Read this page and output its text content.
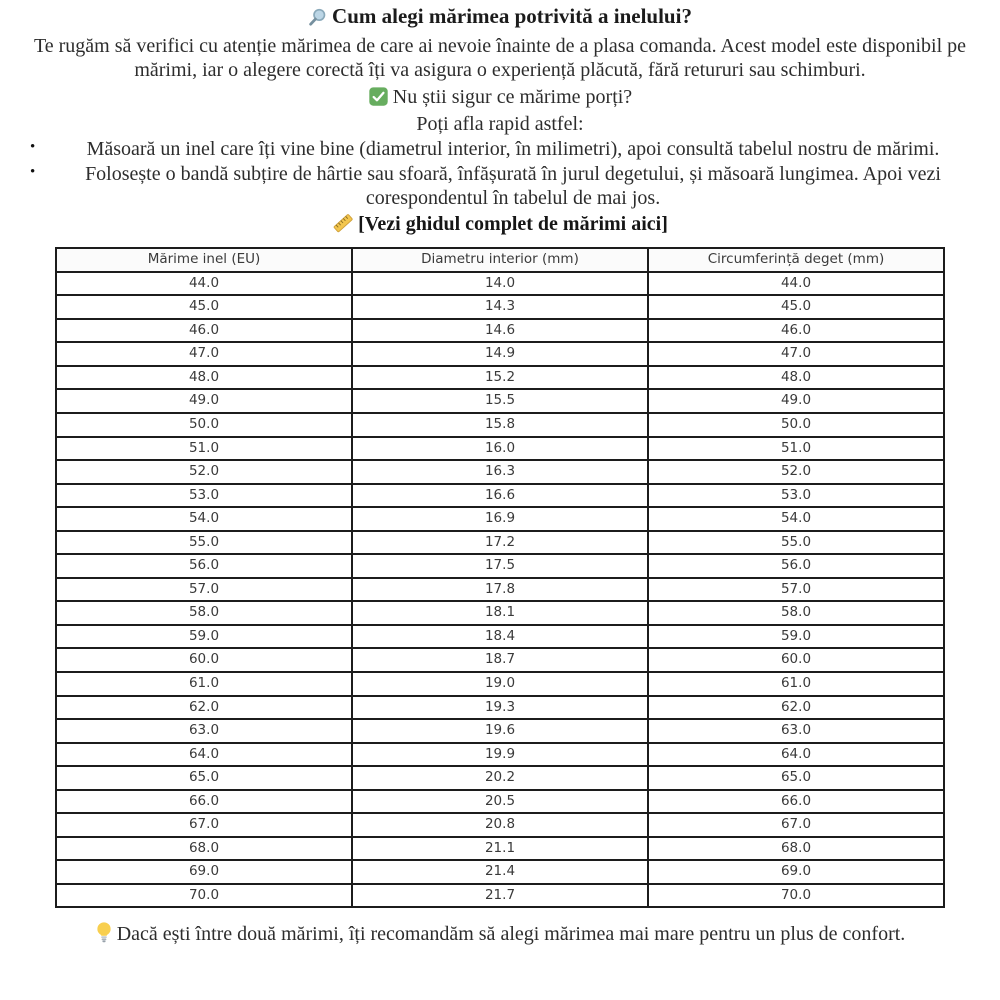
Cum alegi mărimea potrivită a inelului?

Te rugăm să verifici cu atenție mărimea de care ai nevoie înainte de a plasa comanda. Acest model este disponibil pe mărimi, iar o alegere corectă îți va asigura o experiență plăcută, fără retururi sau schimburi.

Nu știi sigur ce mărime porți?

Poți afla rapid astfel:

•	Măsoară un inel care îți vine bine (diametrul interior, în milimetri), apoi consultă tabelul nostru de mărimi.
• Folosește o bandă subțire de hârtie sau sfoară, înfășurată în jurul degetului, și măsoară lungimea. Apoi vezi corespondentul în tabelul de mai jos.

[Vezi ghidul complet de mărimi aici]

Mărime inel (EU)	Diametru interior (mm)	Circumferință deget (mm)
44.0	14.0	44.0
45.0	14.3	45.0
46.0	14.6	46.0
47.0	14.9	47.0
48.0	15.2	48.0
49.0	15.5	49.0
50.0	15.8	50.0
51.0	16.0	51.0
52.0	16.3	52.0
53.0	16.6	53.0
54.0	16.9	54.0
55.0	17.2	55.0
56.0	17.5	56.0
57.0	17.8	57.0
58.0	18.1	58.0
59.0	18.4	59.0
60.0	18.7	60.0
61.0	19.0	61.0
62.0	19.3	62.0
63.0	19.6	63.0
64.0	19.9	64.0
65.0	20.2	65.0
66.0	20.5	66.0
67.0	20.8	67.0
68.0	21.1	68.0
69.0	21.4	69.0
70.0	21.7	70.0

Dacă ești între două mărimi, îți recomandăm să alegi mărimea mai mare pentru un plus de confort.
